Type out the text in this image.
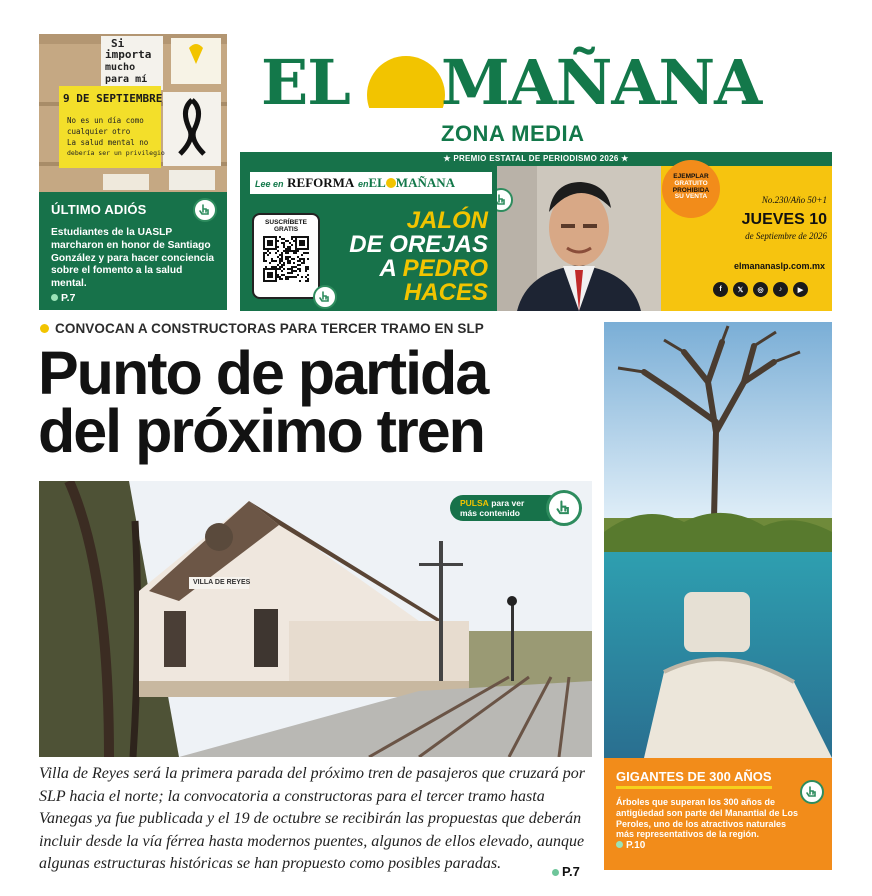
Si
importa
mucho
para mí
9 DE SEPTIEMBRE
No es un día como
cualquier otro
La salud mental no
debería ser un privilegio
ÚLTIMO ADIÓS
Estudiantes de la UASLP marcharon en honor de Santiago González y para hacer conciencia sobre el fomento a la salud mental.
P.7
EL MAÑANA
ZONA MEDIA
★ PREMIO ESTATAL DE PERIODISMO 2026 ★
Lee en REFORMA enEL MAÑANA
SUSCRÍBETE
GRATIS	JALÓN
DE OREJAS
A PEDRO
HACES
EJEMPLAR
GRATUITO
PROHIBIDA
SU VENTA	No.230/Año 50+1
JUEVES 10
de Septiembre de 2026
elmananaslp.com.mx
f	𝕏	◎	♪	▶
CONVOCAN A CONSTRUCTORAS PARA TERCER TRAMO EN SLP
Punto de partida
del próximo tren
VILLA DE REYES
PULSA para ver
más contenido
Villa de Reyes será la primera parada del próximo tren de pasajeros que cruzará por SLP hacia el norte; la convocatoria a constructoras para el tercer tramo hasta Vanegas ya fue publicada y el 19 de octubre se recibirán las propuestas que deberán incluir desde la vía férrea hasta modernos puentes, algunos de ellos elevado, aunque algunas estructuras históricas se han propuesto como posibles paradas.	P.7
GIGANTES DE 300 AÑOS
Árboles que superan los 300 años de antigüedad son parte del Manantial de Los Peroles, uno de los atractivos naturales más representativos de la región.
P.10
